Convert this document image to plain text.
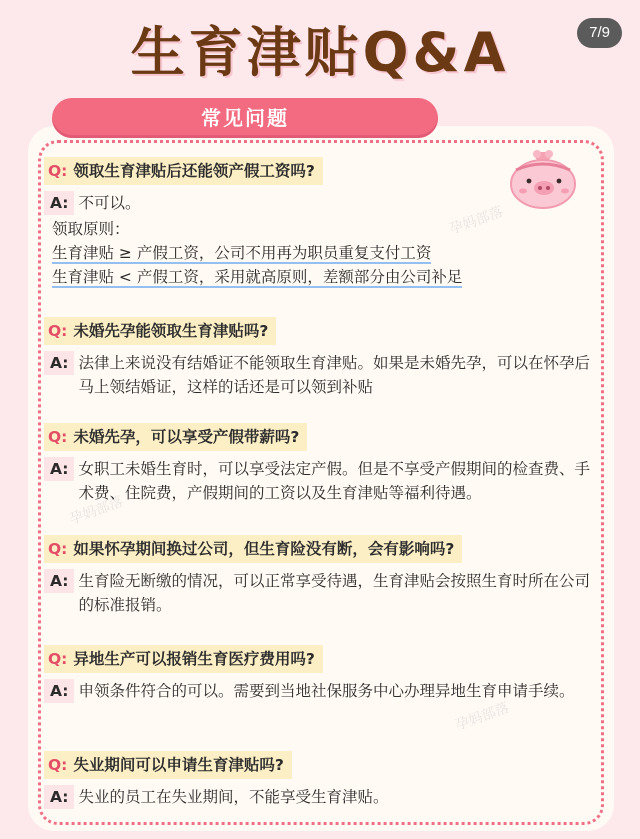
7/9
生育津贴Q&A
常见问题
Q: 领取生育津贴后还能领产假工资吗?
A: 不可以。
领取原则：
生育津贴 ≥ 产假工资，公司不用再为职员重复支付工资
生育津贴 < 产假工资，采用就高原则，差额部分由公司补足
Q: 未婚先孕能领取生育津贴吗?
A: 法律上来说没有结婚证不能领取生育津贴。如果是未婚先孕，可以在怀孕后马上领结婚证，这样的话还是可以领到补贴
Q: 未婚先孕，可以享受产假带薪吗?
A: 女职工未婚生育时，可以享受法定产假。但是不享受产假期间的检查费、手术费、住院费，产假期间的工资以及生育津贴等福利待遇。
Q: 如果怀孕期间换过公司，但生育险没有断，会有影响吗?
A: 生育险无断缴的情况，可以正常享受待遇，生育津贴会按照生育时所在公司的标准报销。
Q: 异地生产可以报销生育医疗费用吗?
A: 申领条件符合的可以。需要到当地社保服务中心办理异地生育申请手续。
Q: 失业期间可以申请生育津贴吗?
A: 失业的员工在失业期间，不能享受生育津贴。
孕妈部落
孕妈部落
孕妈部落
